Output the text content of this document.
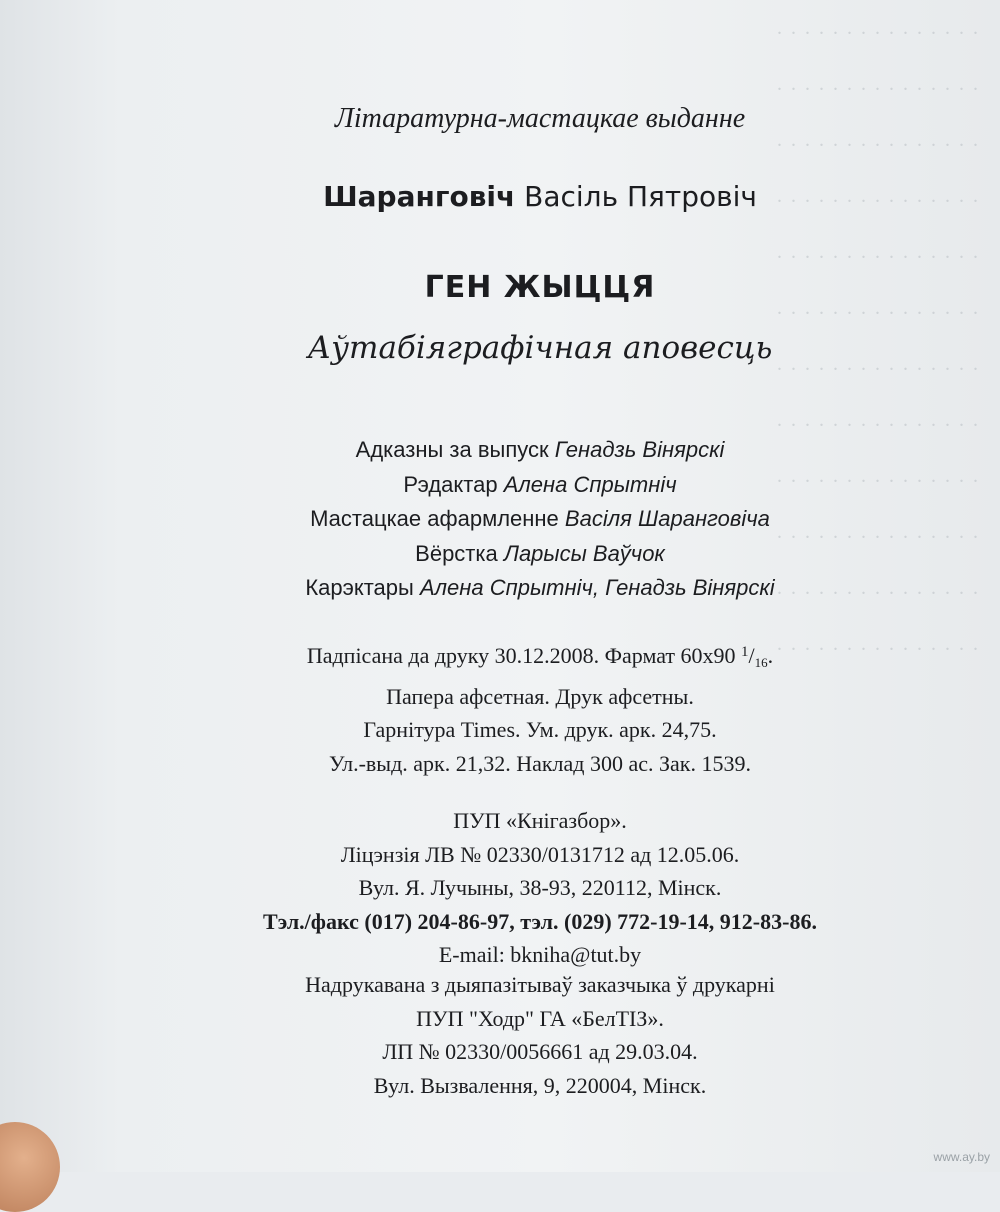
. . . . . . . . . . . . . . .
. . . . . . . . . . . . . . .
. . . . . . . . . . . . . . .
. . . . . . . . . . . . . . .
. . . . . . . . . . . . . . .
. . . . . . . . . . . . . . .
. . . . . . . . . . . . . . .
. . . . . . . . . . . . . . .
. . . . . . . . . . . . . . .
. . . . . . . . . . . . . . .
. . . . . . . . . . . . . . .
. . . . . . . . . . . . . . .
Літаратурна-мастацкае выданне
Шаранговіч Васіль Пятровіч
ГЕН ЖЫЦЦЯ
Аўтабіяграфічная аповесць
Адказны за выпуск Генадзь Вінярскі
Рэдактар Алена Спрытніч
Мастацкае афармленне Васіля Шаранговіча
Вёрстка Ларысы Ваўчок
Карэктары Алена Спрытніч, Генадзь Вінярскі
Падпісана да друку 30.12.2008. Фармат 60х90 $^1/_{16}$.
Папера афсетная. Друк афсетны.
Гарнітура Times. Ум. друк. арк. 24,75.
Ул.-выд. арк. 21,32. Наклад 300 ас. Зак. 1539.
ПУП «Кнігазбор».
Ліцэнзія ЛВ № 02330/0131712 ад 12.05.06.
Вул. Я. Лучыны, 38-93, 220112, Мінск.
Тэл./факс (017) 204-86-97, тэл. (029) 772-19-14, 912-83-86.
E-mail: bkniha@tut.by
Надрукавана з дыяпазітываў заказчыка ў друкарні
ПУП "Ходр" ГА «БелТІЗ».
ЛП № 02330/0056661 ад 29.03.04.
Вул. Вызвалення, 9, 220004, Мінск.
www.ay.by
